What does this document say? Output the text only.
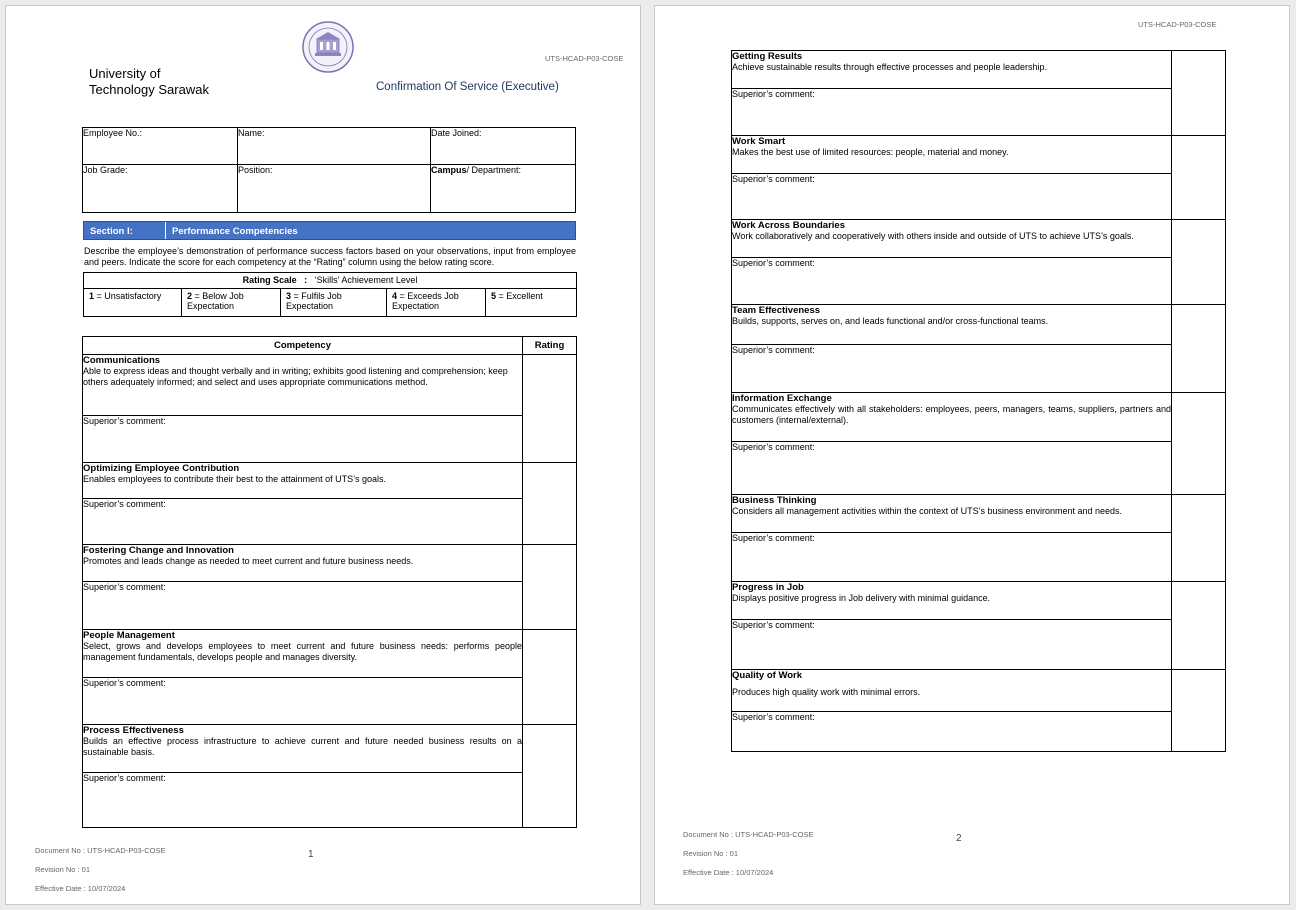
UTS-HCAD-P03-COSE
University of
Technology Sarawak	Confirmation Of Service (Executive)
Employee No.:	Name:	Date Joined:
Job Grade:	Position:	Campus/ Department:
Section I:	Performance Competencies
Describe the employee’s demonstration of performance success factors based on your observations, input from employee and peers. Indicate the score for each competency at the “Rating” column using the below rating score.
Rating Scale : ‘Skills’ Achievement Level
1 = Unsatisfactory	2 = Below Job Expectation	3 = Fulfils Job Expectation	4 = Exceeds Job Expectation	5 = Excellent
Competency	Rating

Communications
Able to express ideas and thought verbally and in writing; exhibits good listening and comprehension; keep others adequately informed; and select and uses appropriate communications method.	

Superior’s comment:	

Optimizing Employee Contribution
Enables employees to contribute their best to the attainment of UTS’s goals.	

Superior’s comment:	

Fostering Change and Innovation
Promotes and leads change as needed to meet current and future business needs.	

Superior’s comment:	

People Management
Select, grows and develops employees to meet current and future business needs: performs people management fundamentals, develops people and manages diversity.	

Superior’s comment:	

Process Effectiveness
Builds an effective process infrastructure to achieve current and future needed business results on a sustainable basis.	

Superior’s comment:	
Document No : UTS-HCAD-P03-COSE
Revision No : 01
Effective Date : 10/07/2024
1
UTS-HCAD-P03-COSE
Getting Results
Achieve sustainable results through effective processes and people leadership.	

Superior’s comment:	

Work Smart
Makes the best use of limited resources: people, material and money.	

Superior’s comment:	

Work Across Boundaries
Work collaboratively and cooperatively with others inside and outside of UTS to achieve UTS’s goals.	

Superior’s comment:	

Team Effectiveness
Builds, supports, serves on, and leads functional and/or cross-functional teams.	

Superior’s comment:	

Information Exchange
Communicates effectively with all stakeholders: employees, peers, managers, teams, suppliers, partners and customers (internal/external).	

Superior’s comment:	

Business Thinking
Considers all management activities within the context of UTS’s business environment and needs.	

Superior’s comment:	

Progress in Job
Displays positive progress in Job delivery with minimal guidance.	

Superior’s comment:	

Quality of Work
Produces high quality work with minimal errors.	

Superior’s comment:	
Document No : UTS-HCAD-P03-COSE
Revision No : 01
Effective Date : 10/07/2024
2
